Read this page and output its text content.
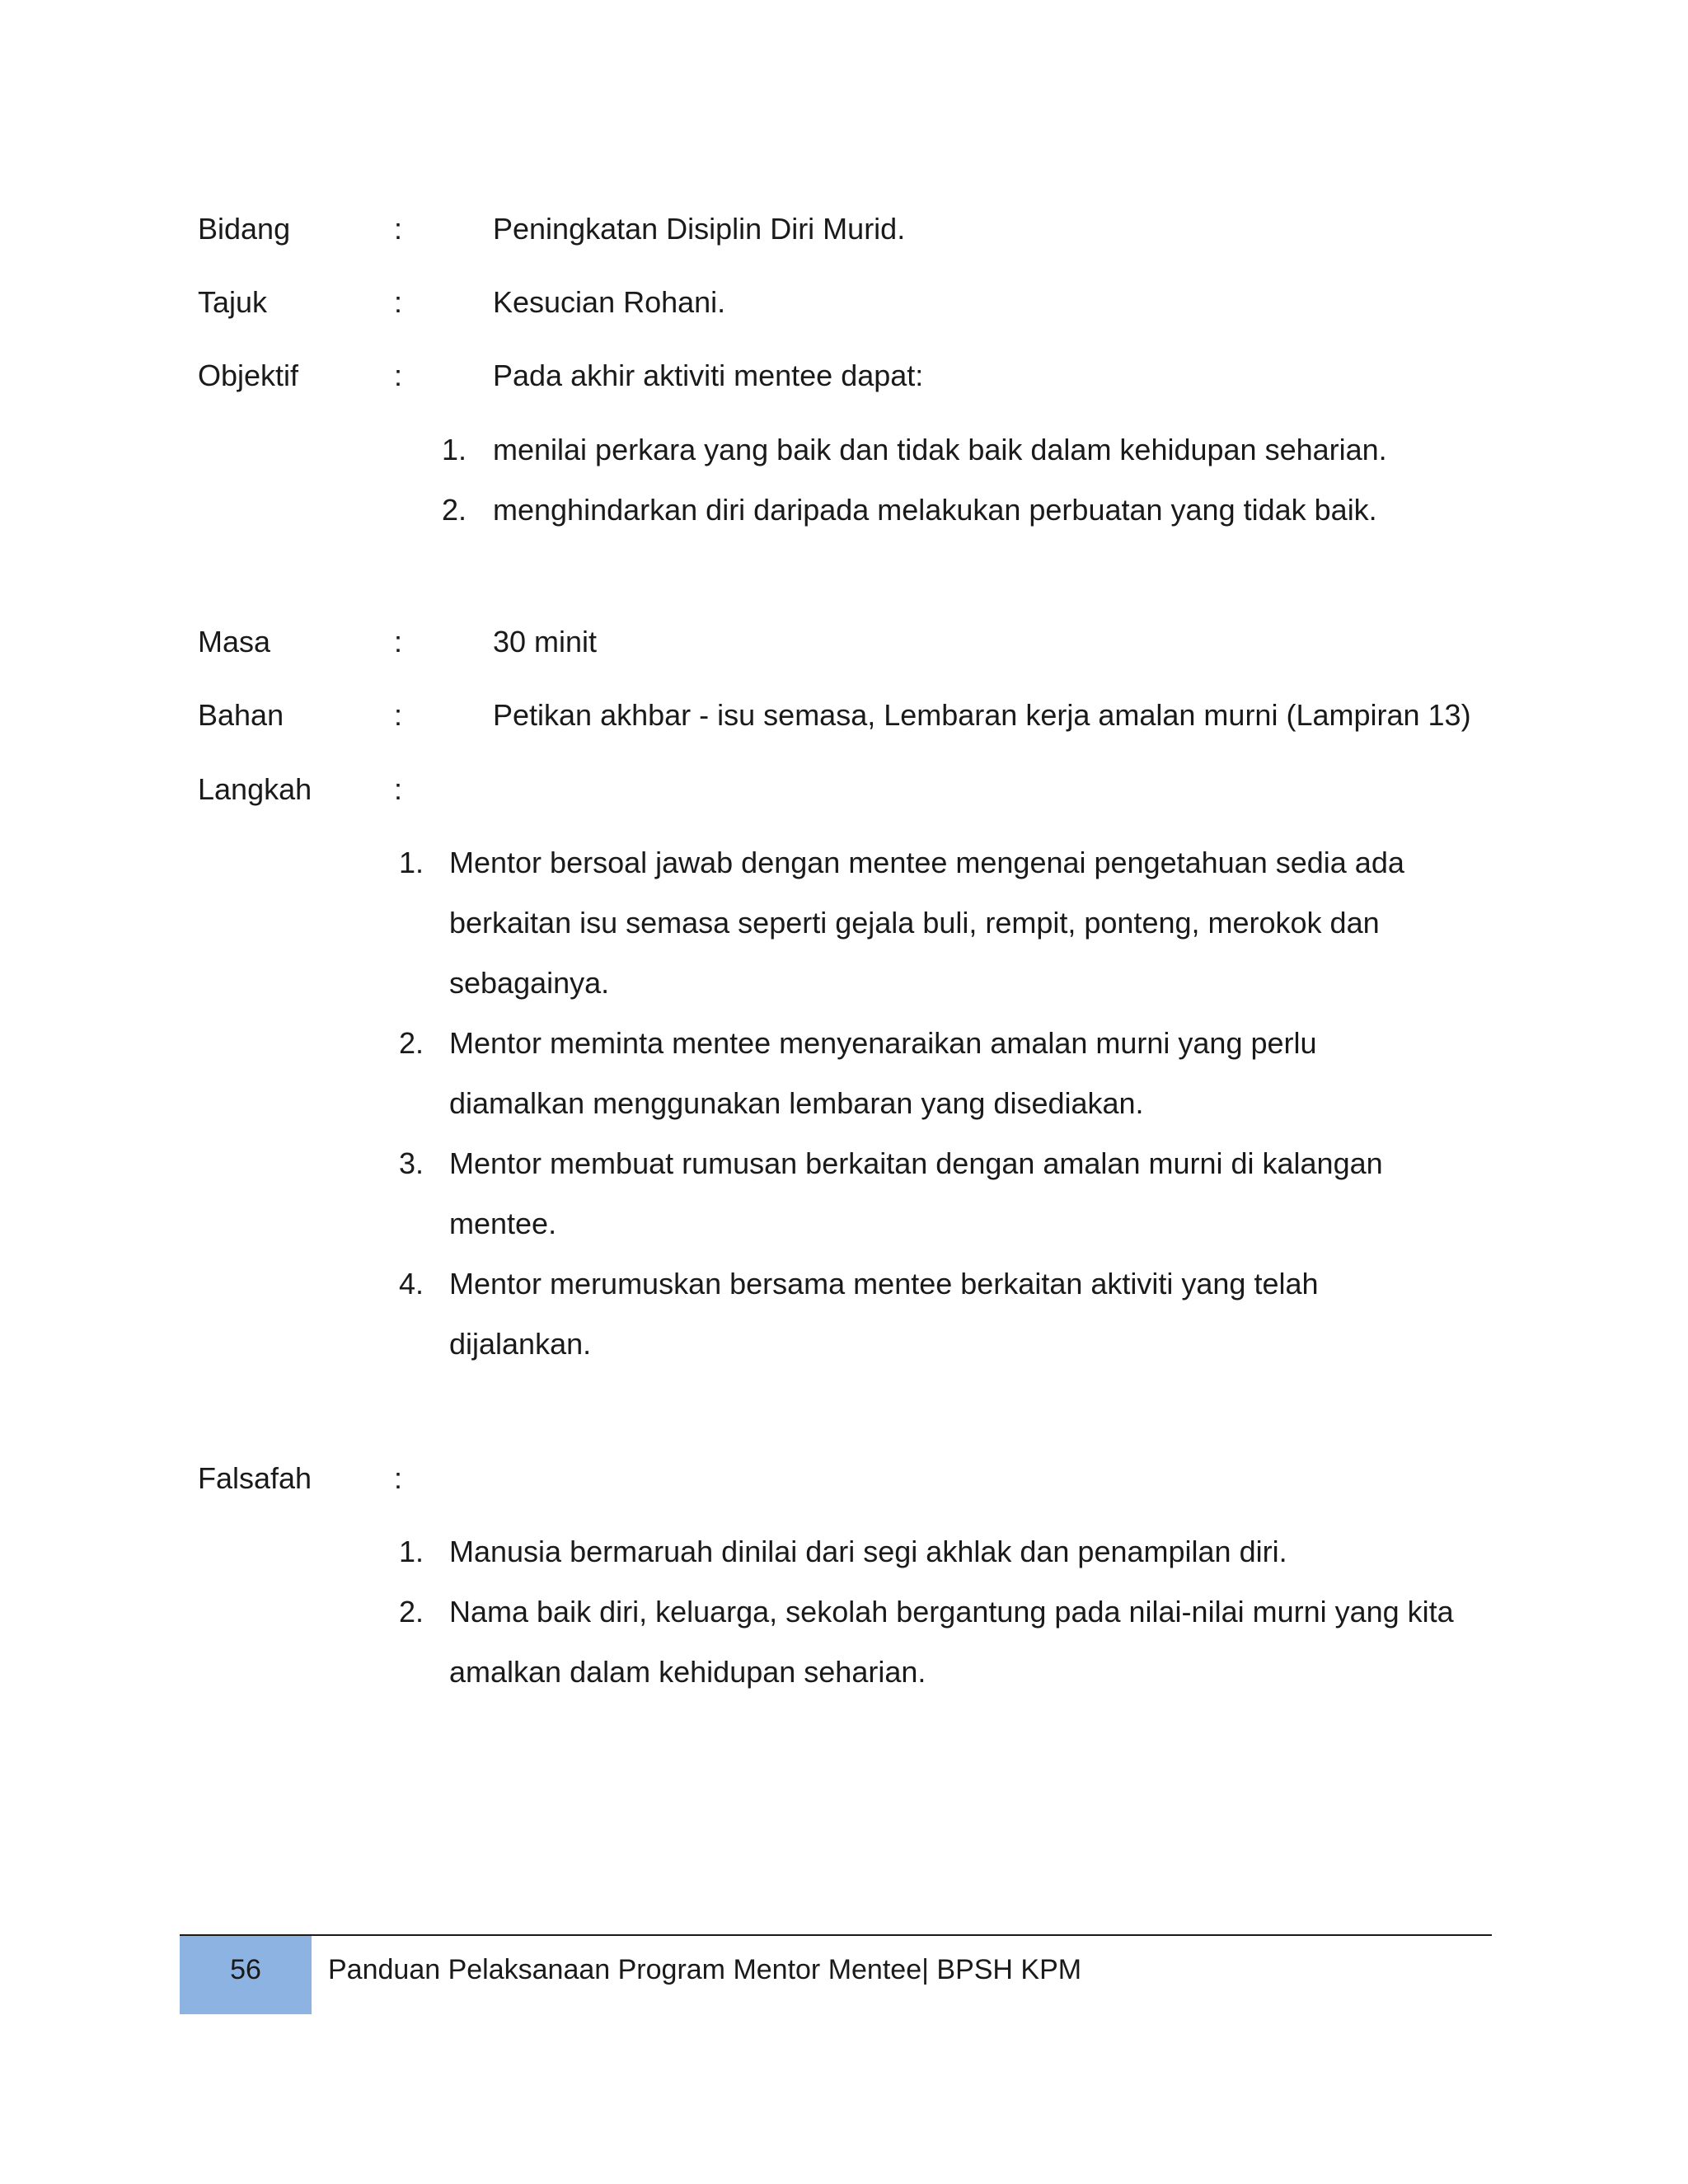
Bidang	:	Peningkatan Disiplin Diri Murid.
Tajuk	:	Kesucian Rohani.
Objektif	:	Pada akhir aktiviti mentee dapat:
1. menilai perkara yang baik dan tidak baik dalam kehidupan seharian.
2. menghindarkan diri daripada melakukan perbuatan yang tidak baik.
Masa	:	30 minit
Bahan	:	Petikan akhbar - isu semasa, Lembaran kerja amalan murni (Lampiran 13)
Langkah	:
1. Mentor bersoal jawab dengan mentee mengenai pengetahuan sedia ada
berkaitan isu semasa seperti gejala buli, rempit, ponteng, merokok dan
sebagainya.
2. Mentor meminta mentee menyenaraikan amalan murni yang perlu
diamalkan menggunakan lembaran yang disediakan.
3. Mentor membuat rumusan berkaitan dengan amalan murni di kalangan
mentee.
4. Mentor merumuskan bersama mentee berkaitan aktiviti yang telah
dijalankan.
Falsafah	:
1. Manusia bermaruah dinilai dari segi akhlak dan penampilan diri.
2. Nama baik diri, keluarga, sekolah bergantung pada nilai-nilai murni yang kita
amalkan dalam kehidupan seharian.
56	Panduan Pelaksanaan Program Mentor Mentee| BPSH KPM
